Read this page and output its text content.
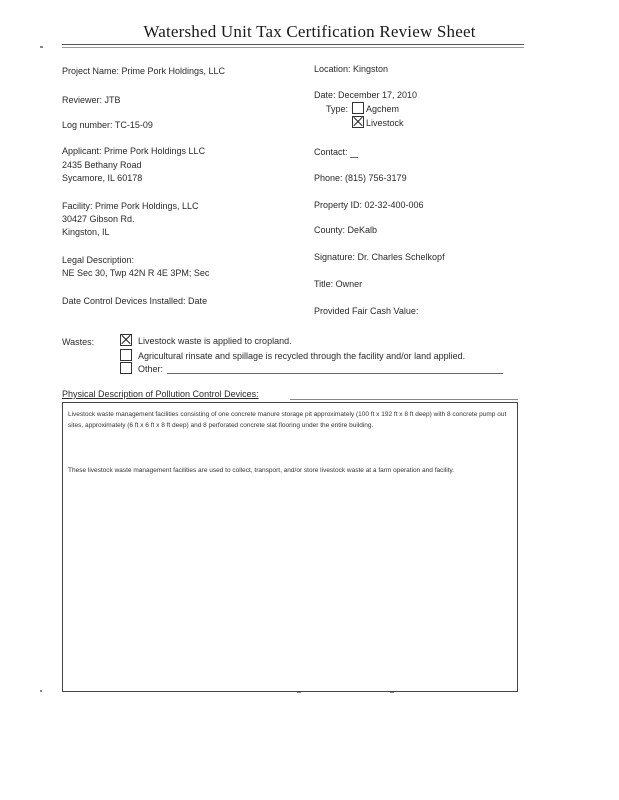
Watershed Unit Tax Certification Review Sheet
Project Name: Prime Pork Holdings, LLC
Reviewer: JTB
Log number: TC-15-09
Applicant: Prime Pork Holdings LLC
2435 Bethany Road
Sycamore, IL 60178
Facility: Prime Pork Holdings, LLC
30427 Gibson Rd.
Kingston, IL
Legal Description:
NE Sec 30, Twp 42N R 4E 3PM; Sec
Date Control Devices Installed: Date
Location: Kingston
Date: December 17, 2010
Type: Agchem
Livestock
Contact:
Phone: (815) 756-3179
Property ID: 02-32-400-006
County: DeKalb
Signature: Dr. Charles Schelkopf
Title: Owner
Provided Fair Cash Value:
Wastes:	Livestock waste is applied to cropland.
Agricultural rinsate and spillage is recycled through the facility and/or land applied.
Other:
Physical Description of Pollution Control Devices:
Livestock waste management facilities consisting of one concrete manure storage pit approximately (100 ft x 192 ft x 8 ft deep) with 8 concrete pump out sites, approximately (6 ft x 6 ft x 8 ft deep) and 8 perforated concrete slat flooring under the entire building.
These livestock waste management facilities are used to collect, transport, and/or store livestock waste at a farm operation and facility.
